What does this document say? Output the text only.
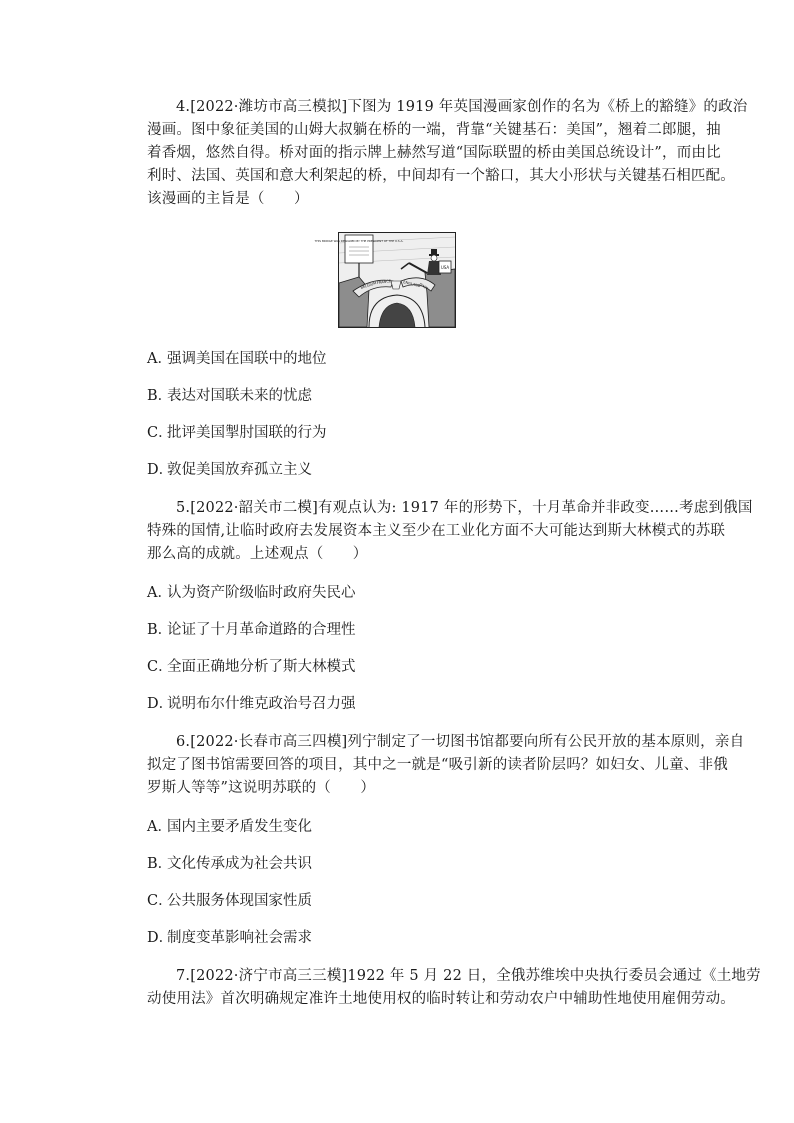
4.[2022·潍坊市高三模拟]下图为 1919 年英国漫画家创作的名为《桥上的豁缝》的政治
漫画。图中象征美国的山姆大叔躺在桥的一端，背靠“关键基石：美国”，翘着二郎腿，抽
着香烟，悠然自得。桥对面的指示牌上赫然写道“国际联盟的桥由美国总统设计”，而由比
利时、法国、英国和意大利架起的桥，中间却有一个豁口，其大小形状与关键基石相匹配。
该漫画的主旨是（　　）
THIS BRIDGE WAS DESIGNED BY THE PRESIDENT OF THE U.S.A.
USA
BELGIUM FRANCE	ENGLAND
ITALY
A．强调美国在国联中的地位
B．表达对国联未来的忧虑
C．批评美国掣肘国联的行为
D．敦促美国放弃孤立主义
5.[2022·韶关市二模]有观点认为: 1917 年的形势下，十月革命并非政变……考虑到俄国
特殊的国情,让临时政府去发展资本主义至少在工业化方面不大可能达到斯大林模式的苏联
那么高的成就。上述观点（　　）
A．认为资产阶级临时政府失民心
B．论证了十月革命道路的合理性
C．全面正确地分析了斯大林模式
D．说明布尔什维克政治号召力强
6.[2022·长春市高三四模]列宁制定了一切图书馆都要向所有公民开放的基本原则，亲自
拟定了图书馆需要回答的项目，其中之一就是“吸引新的读者阶层吗？如妇女、儿童、非俄
罗斯人等等”这说明苏联的（　　）
A．国内主要矛盾发生变化
B．文化传承成为社会共识
C．公共服务体现国家性质
D．制度变革影响社会需求
7.[2022·济宁市高三三模]1922 年 5 月 22 日，全俄苏维埃中央执行委员会通过《土地劳
动使用法》首次明确规定准许土地使用权的临时转让和劳动农户中辅助性地使用雇佣劳动。
